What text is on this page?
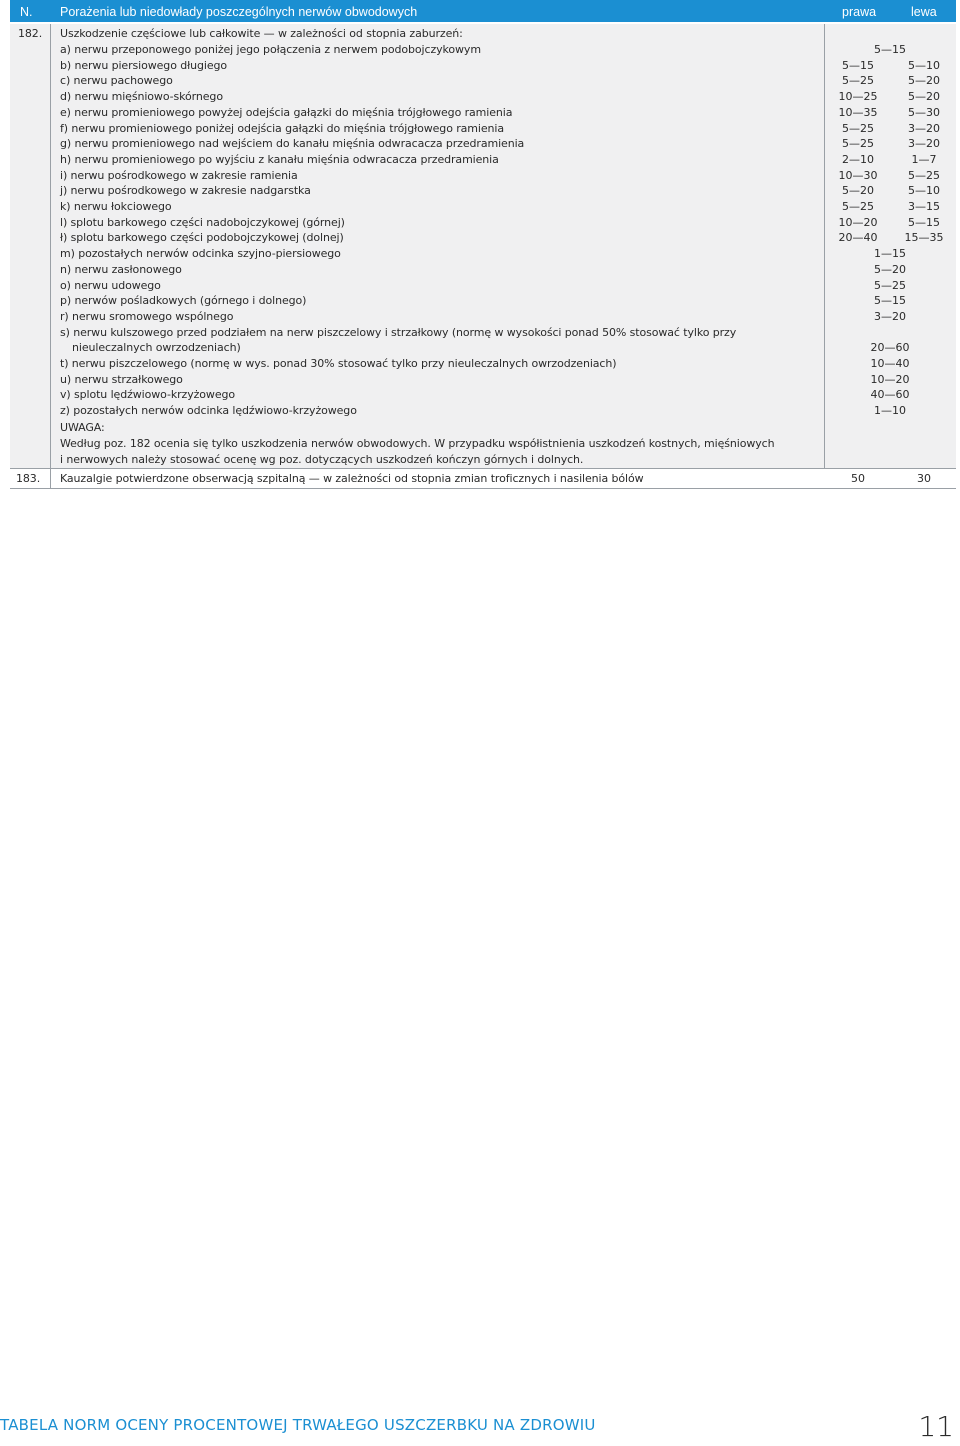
N. Porażenia lub niedowłady poszczególnych nerwów obwodowych	prawa	lewa
182. Uszkodzenie częściowe lub całkowite — w zależności od stopnia zaburzeń:
a) nerwu przeponowego poniżej jego połączenia z nerwem podobojczykowym	5—15
b) nerwu piersiowego długiego	5—15	5—10
c) nerwu pachowego	5—25	5—20
d) nerwu mięśniowo-skórnego	10—25	5—20
e) nerwu promieniowego powyżej odejścia gałązki do mięśnia trójgłowego ramienia	10—35	5—30
f) nerwu promieniowego poniżej odejścia gałązki do mięśnia trójgłowego ramienia	5—25	3—20
g) nerwu promieniowego nad wejściem do kanału mięśnia odwracacza przedramienia	5—25	3—20
h) nerwu promieniowego po wyjściu z kanału mięśnia odwracacza przedramienia	2—10	1—7
i) nerwu pośrodkowego w zakresie ramienia	10—30	5—25
j) nerwu pośrodkowego w zakresie nadgarstka	5—20	5—10
k) nerwu łokciowego	5—25	3—15
l) splotu barkowego części nadobojczykowej (górnej)	10—20	5—15
ł) splotu barkowego części podobojczykowej (dolnej)	20—40	15—35
m) pozostałych nerwów odcinka szyjno-piersiowego	1—15
n) nerwu zasłonowego	5—20
o) nerwu udowego	5—25
p) nerwów pośladkowych (górnego i dolnego)	5—15
r) nerwu sromowego wspólnego	3—20
s) nerwu kulszowego przed podziałem na nerw piszczelowy i strzałkowy (normę w wysokości ponad 50% stosować tylko przy
nieuleczalnych owrzodzeniach)	20—60
t) nerwu piszczelowego (normę w wys. ponad 30% stosować tylko przy nieuleczalnych owrzodzeniach)	10—40
u) nerwu strzałkowego	10—20
v) splotu lędźwiowo-krzyżowego	40—60
z) pozostałych nerwów odcinka lędźwiowo-krzyżowego	1—10
UWAGA:
Według poz. 182 ocenia się tylko uszkodzenia nerwów obwodowych. W przypadku współistnienia uszkodzeń kostnych, mięśniowych
i nerwowych należy stosować ocenę wg poz. dotyczących uszkodzeń kończyn górnych i dolnych.
183. Kauzalgie potwierdzone obserwacją szpitalną — w zależności od stopnia zmian troficznych i nasilenia bólów	50	30
TABELA NORM OCENY PROCENTOWEJ TRWAŁEGO USZCZERBKU NA ZDROWIU	11
